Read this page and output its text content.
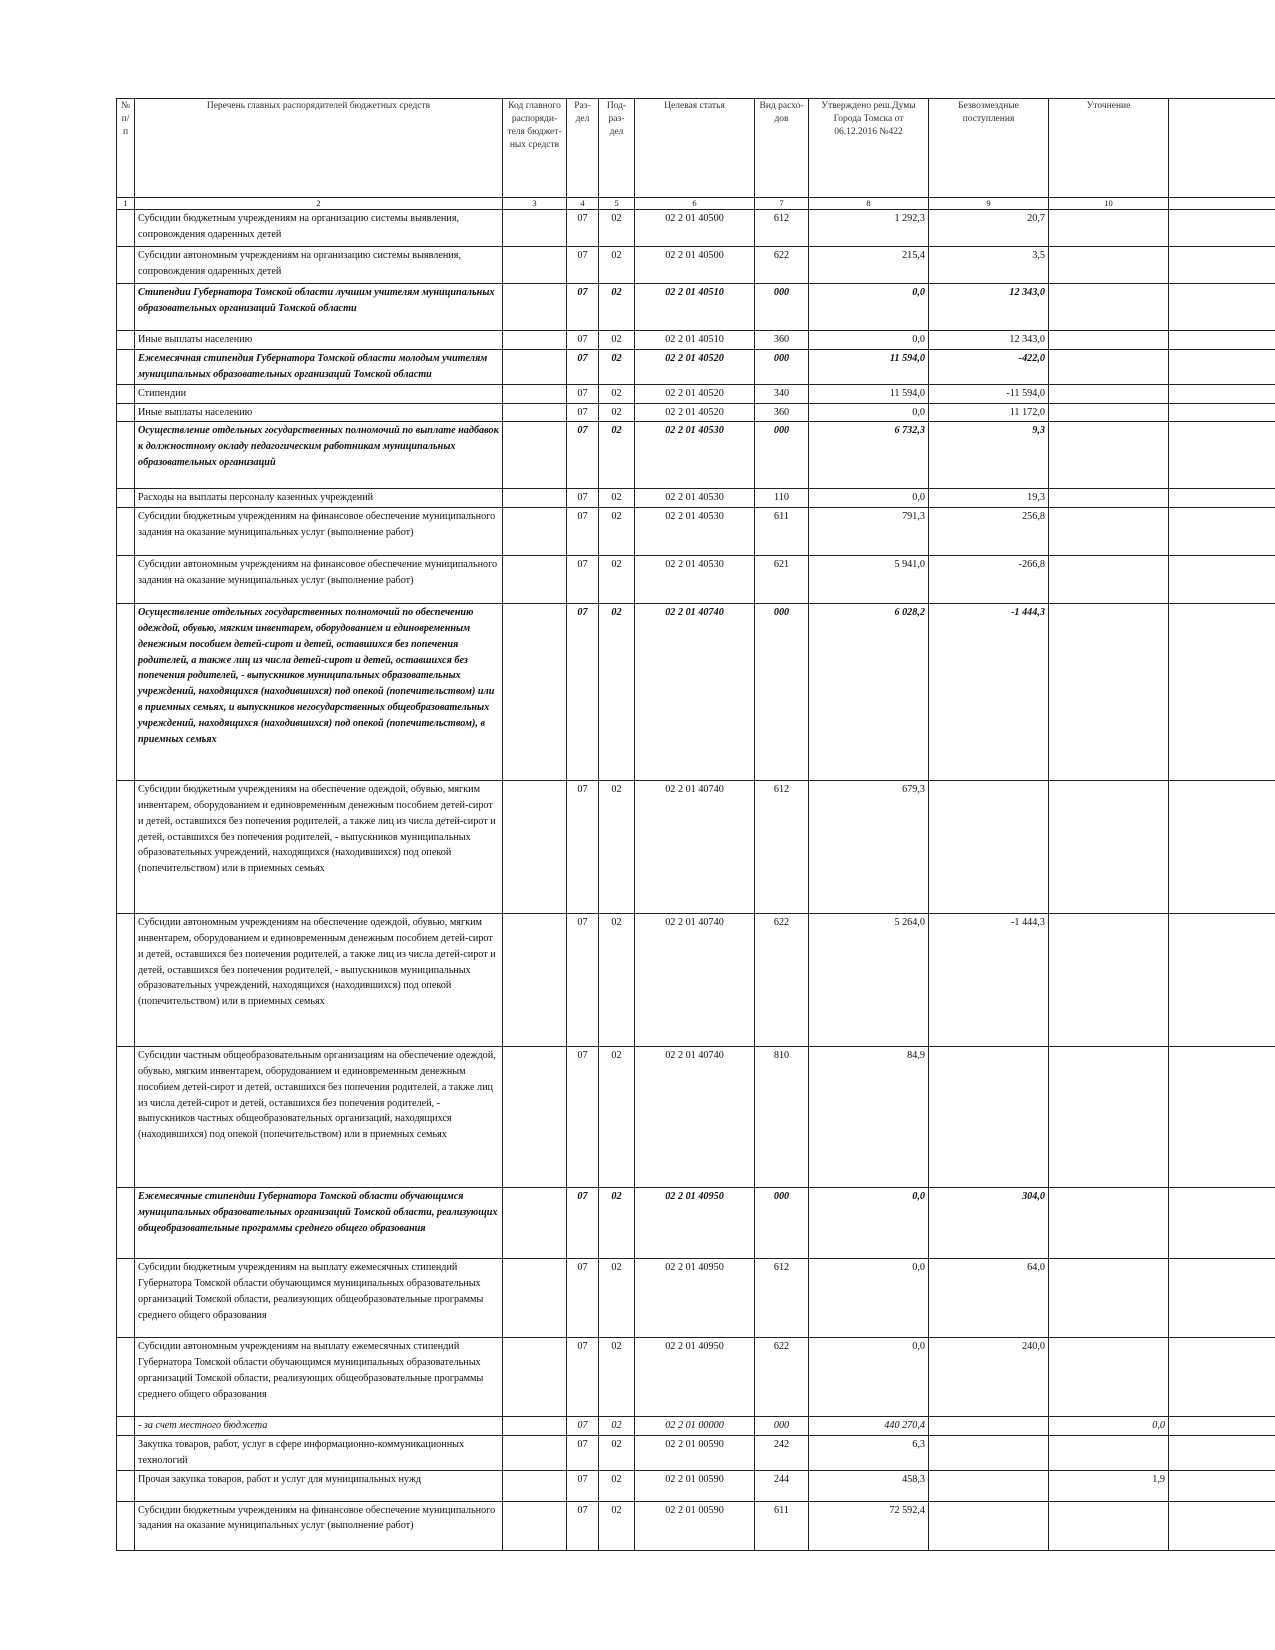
№ п/п	Перечень главных распорядителей бюджетных средств	Код главного распоряди-теля бюджет-ных средств	Раз-дел	Под-раз-дел	Целевая статья	Вид расхо-дов	Утверждено реш.Думы Города Томска от 06.12.2016 №422	Безвозмездные поступления	Уточнение	
1	2	3	4	5	6	7	8	9	10	
	Субсидии бюджетным учреждениям на организацию системы выявления, сопровождения одаренных детей		07	02	02 2 01 40500	612	1 292,3	20,7		
	Субсидии автономным учреждениям на организацию системы выявления, сопровождения одаренных детей		07	02	02 2 01 40500	622	215,4	3,5		
	Стипендии Губернатора Томской области лучшим учителям муниципальных образовательных организаций Томской области		07	02	02 2 01 40510	000	0,0	12 343,0		
	Иные выплаты населению		07	02	02 2 01 40510	360	0,0	12 343,0		
	Ежемесячная стипендия Губернатора Томской области молодым учителям муниципальных образовательных организаций Томской области		07	02	02 2 01 40520	000	11 594,0	-422,0		
	Стипендии		07	02	02 2 01 40520	340	11 594,0	-11 594,0		
	Иные выплаты населению		07	02	02 2 01 40520	360	0,0	11 172,0		
	Осуществление отдельных государственных полномочий по выплате надбавок к должностному окладу педагогическим работникам муниципальных образовательных организаций		07	02	02 2 01 40530	000	6 732,3	9,3		
	Расходы на выплаты персоналу казенных учреждений		07	02	02 2 01 40530	110	0,0	19,3		
	Субсидии бюджетным учреждениям на финансовое обеспечение муниципального задания на оказание муниципальных услуг (выполнение работ)		07	02	02 2 01 40530	611	791,3	256,8		
	Субсидии автономным учреждениям на финансовое обеспечение муниципального задания на оказание муниципальных услуг (выполнение работ)		07	02	02 2 01 40530	621	5 941,0	-266,8		
	Осуществление отдельных государственных полномочий по обеспечению одеждой, обувью, мягким инвентарем, оборудованием и единовременным денежным пособием детей-сирот и детей, оставшихся без попечения родителей, а также лиц из числа детей-сирот и детей, оставшихся без попечения родителей, - выпускников муниципальных образовательных учреждений, находящихся (находившихся) под опекой (попечительством) или в приемных семьях, и выпускников негосударственных общеобразовательных учреждений, находящихся (находившихся) под опекой (попечительством), в приемных семьях		07	02	02 2 01 40740	000	6 028,2	-1 444,3		
	Субсидии бюджетным учреждениям на обеспечение одеждой, обувью, мягким инвентарем, оборудованием и единовременным денежным пособием детей-сирот и детей, оставшихся без попечения родителей, а также лиц из числа детей-сирот и детей, оставшихся без попечения родителей, - выпускников муниципальных образовательных учреждений, находящихся (находившихся) под опекой (попечительством) или в приемных семьях		07	02	02 2 01 40740	612	679,3			
	Субсидии автономным учреждениям на обеспечение одеждой, обувью, мягким инвентарем, оборудованием и единовременным денежным пособием детей-сирот и детей, оставшихся без попечения родителей, а также лиц из числа детей-сирот и детей, оставшихся без попечения родителей, - выпускников муниципальных образовательных учреждений, находящихся (находившихся) под опекой (попечительством) или в приемных семьях		07	02	02 2 01 40740	622	5 264,0	-1 444,3		
	Субсидии частным общеобразовательным организациям на обеспечение одеждой, обувью, мягким инвентарем, оборудованием и единовременным денежным пособием детей-сирот и детей, оставшихся без попечения родителей, а также лиц из числа детей-сирот и детей, оставшихся без попечения родителей, - выпускников частных общеобразовательных организаций, находящихся (находившихся) под опекой (попечительством) или в приемных семьях		07	02	02 2 01 40740	810	84,9			
	Ежемесячные стипендии Губернатора Томской области обучающимся муниципальных образовательных организаций Томской области, реализующих общеобразовательные программы среднего общего образования		07	02	02 2 01 40950	000	0,0	304,0		
	Субсидии бюджетным учреждениям на выплату ежемесячных стипендий Губернатора Томской области обучающимся муниципальных образовательных организаций Томской области, реализующих общеобразовательные программы среднего общего образования		07	02	02 2 01 40950	612	0,0	64,0		
	Субсидии автономным учреждениям на выплату ежемесячных стипендий Губернатора Томской области обучающимся муниципальных образовательных организаций Томской области, реализующих общеобразовательные программы среднего общего образования		07	02	02 2 01 40950	622	0,0	240,0		
	- за счет местного бюджета		07	02	02 2 01 00000	000	440 270,4		0,0	
	Закупка товаров, работ, услуг в сфере информационно-коммуникационных технологий		07	02	02 2 01 00590	242	6,3			
	Прочая закупка товаров, работ и услуг для муниципальных нужд		07	02	02 2 01 00590	244	458,3		1,9	
	Субсидии бюджетным учреждениям на финансовое обеспечение муниципального задания на оказание муниципальных услуг (выполнение работ)		07	02	02 2 01 00590	611	72 592,4			
